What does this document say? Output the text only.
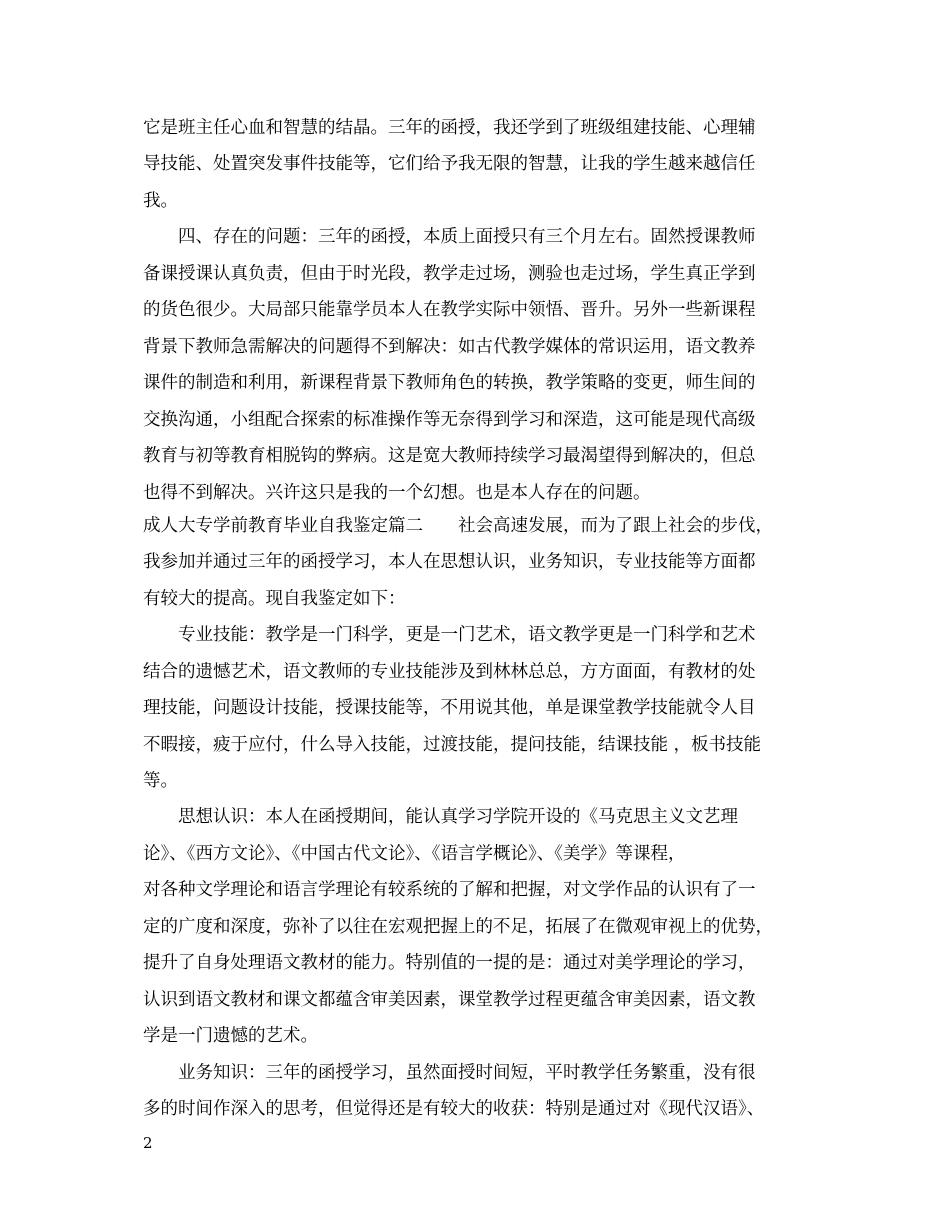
它是班主任心血和智慧的结晶。三年的函授，我还学到了班级组建技能、心理辅
导技能、处置突发事件技能等，它们给予我无限的智慧，让我的学生越来越信任
我。
四、存在的问题：三年的函授，本质上面授只有三个月左右。固然授课教师
备课授课认真负责，但由于时光段，教学走过场，测验也走过场，学生真正学到
的货色很少。大局部只能靠学员本人在教学实际中领悟、晋升。另外一些新课程
背景下教师急需解决的问题得不到解决：如古代教学媒体的常识运用，语文教养
课件的制造和利用，新课程背景下教师角色的转换，教学策略的变更，师生间的
交换沟通，小组配合探索的标准操作等无奈得到学习和深造，这可能是现代高级
教育与初等教育相脱钩的弊病。这是宽大教师持续学习最渴望得到解决的，但总
也得不到解决。兴许这只是我的一个幻想。也是本人存在的问题。
成人大专学前教育毕业自我鉴定篇二　　社会高速发展，而为了跟上社会的步伐，
我参加并通过三年的函授学习，本人在思想认识，业务知识，专业技能等方面都
有较大的提高。现自我鉴定如下：
专业技能：教学是一门科学，更是一门艺术，语文教学更是一门科学和艺术
结合的遗憾艺术，语文教师的专业技能涉及到林林总总，方方面面，有教材的处
理技能，问题设计技能，授课技能等，不用说其他，单是课堂教学技能就令人目
不暇接，疲于应付，什么导入技能，过渡技能，提问技能，结课技能 ，板书技能
等。
思想认识：本人在函授期间，能认真学习学院开设的《马克思主义文艺理
论》、《西方文论》、《中国古代文论》、《语言学概论》、《美学》等课程，
对各种文学理论和语言学理论有较系统的了解和把握，对文学作品的认识有了一
定的广度和深度，弥补了以往在宏观把握上的不足，拓展了在微观审视上的优势，
提升了自身处理语文教材的能力。特别值的一提的是：通过对美学理论的学习，
认识到语文教材和课文都蕴含审美因素，课堂教学过程更蕴含审美因素，语文教
学是一门遗憾的艺术。
业务知识：三年的函授学习，虽然面授时间短，平时教学任务繁重，没有很
多的时间作深入的思考，但觉得还是有较大的收获：特别是通过对《现代汉语》、
2
